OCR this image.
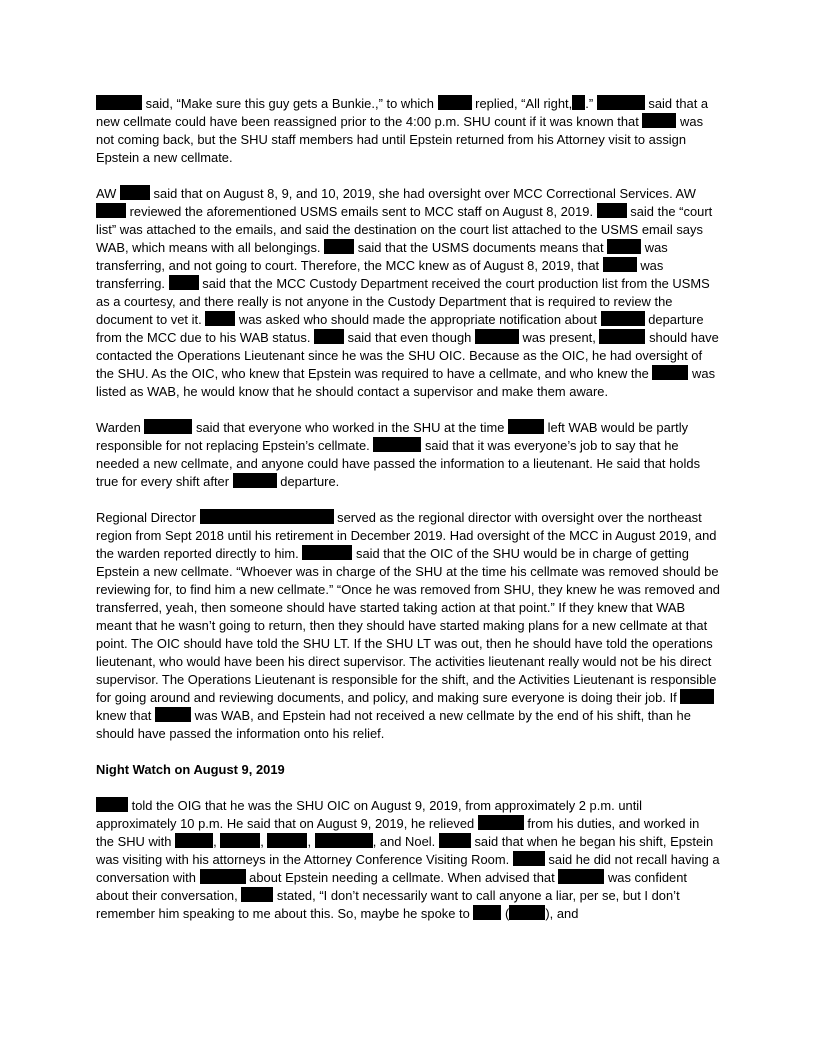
said, “Make sure this guy gets a Bunkie.,” to which	replied, “All right, .”	said that a new cellmate could have been reassigned prior to the 4:00 p.m. SHU count if it was known that	was not coming back, but the SHU staff members had until Epstein returned from his Attorney visit to assign Epstein a new cellmate.

AW  said that on August 8, 9, and 10, 2019, she had oversight over MCC Correctional Services. AW  reviewed the aforementioned USMS emails sent to MCC staff on August 8, 2019.  said the “court list” was attached to the emails, and said the destination on the court list attached to the USMS email says WAB, which means with all belongings.  said that the USMS documents means that	was transferring, and not going to court. Therefore, the MCC knew as of August 8, 2019, that	was transferring.  said that the MCC Custody Department received the court production list from the USMS as a courtesy, and there really is not anyone in the Custody Department that is required to review the document to vet it.  was asked who should made the appropriate notification about	departure from the MCC due to his WAB status.  said that even though	was present,	should have contacted the Operations Lieutenant since he was the SHU OIC. Because as the OIC, he had oversight of the SHU. As the OIC, who knew that Epstein was required to have a cellmate, and who knew the	was listed as WAB, he would know that he should contact a supervisor and make them aware.

Warden	said that everyone who worked in the SHU at the time	left WAB would be partly responsible for not replacing Epstein’s cellmate.	said that it was everyone’s job to say that he needed a new cellmate, and anyone could have passed the information to a lieutenant. He said that holds true for every shift after	departure.

Regional Director	served as the regional director with oversight over the northeast region from Sept 2018 until his retirement in December 2019. Had oversight of the MCC in August 2019, and the warden reported directly to him.	said that the OIC of the SHU would be in charge of getting Epstein a new cellmate. “Whoever was in charge of the SHU at the time his cellmate was removed should be reviewing for, to find him a new cellmate.” “Once he was removed from SHU, they knew he was removed and transferred, yeah, then someone should have started taking action at that point.” If they knew that WAB meant that he wasn’t going to return, then they should have started making plans for a new cellmate at that point. The OIC should have told the SHU LT. If the SHU LT was out, then he should have told the operations lieutenant, who would have been his direct supervisor. The activities lieutenant really would not be his direct supervisor. The Operations Lieutenant is responsible for the shift, and the Activities Lieutenant is responsible for going around and reviewing documents, and policy, and making sure everyone is doing their job. If  knew that	was WAB, and Epstein had not received a new cellmate by the end of his shift, than he should have passed the information onto his relief.

Night Watch on August 9, 2019

told the OIG that he was the SHU OIC on August 9, 2019, from approximately 2 p.m. until approximately 10 p.m. He said that on August 9, 2019, he relieved	from his duties, and worked in the SHU with	,	,	,	, and Noel.  said that when he began his shift, Epstein was visiting with his attorneys in the Attorney Conference Visiting Room.  said he did not recall having a conversation with	about Epstein needing a cellmate. When advised that	was confident about their conversation,  stated, “I don’t necessarily want to call anyone a liar, per se, but I don’t remember him speaking to me about this. So, maybe he spoke to  (	), and
